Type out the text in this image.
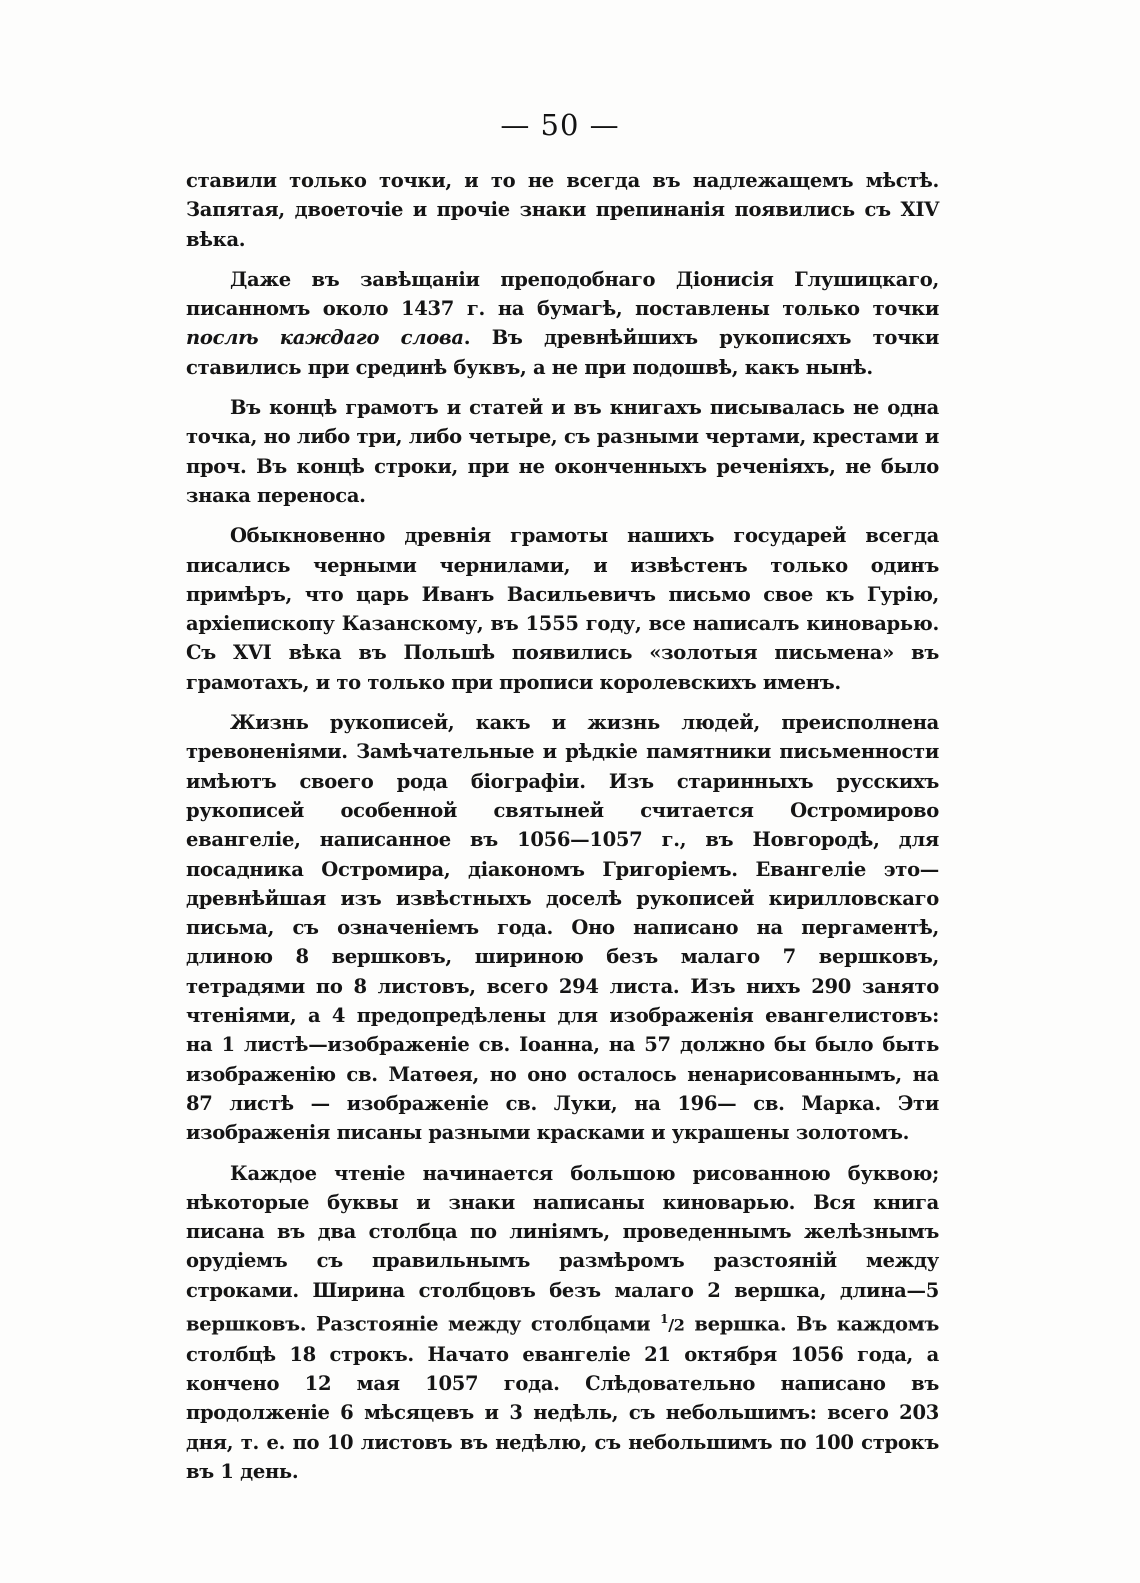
— 50 —

ставили только точки, и то не всегда въ надлежащемъ мѣстѣ. Запятая, двоеточіе и прочіе знаки препинанія появились съ XIV вѣка.

Даже въ завѣщаніи преподобнаго Діонисія Глушицкаго, писанномъ около 1437 г. на бумагѣ, поставлены только точки послѣ каждаго слова. Въ древнѣйшихъ рукописяхъ точки ставились при срединѣ буквъ, а не при подошвѣ, какъ нынѣ.

Въ концѣ грамотъ и статей и въ книгахъ писывалась не одна точка, но либо три, либо четыре, съ разными чертами, крестами и проч. Въ концѣ строки, при не оконченныхъ реченіяхъ, не было знака переноса.

Обыкновенно древнія грамоты нашихъ государей всегда писались черными чернилами, и извѣстенъ только одинъ примѣръ, что царь Иванъ Васильевичъ письмо свое къ Гурію, архіепископу Казанскому, въ 1555 году, все написалъ киноварью. Съ XVI вѣка въ Польшѣ появились «золотыя письмена» въ грамотахъ, и то только при прописи королевскихъ именъ.

Жизнь рукописей, какъ и жизнь людей, преисполнена тревоненіями. Замѣчательные и рѣдкіе памятники письменности имѣютъ своего рода біографіи. Изъ старинныхъ русскихъ рукописей особенной святыней считается Остромирово евангеліе, написанное въ 1056—1057 г., въ Новгородѣ, для посадника Остромира, діакономъ Григоріемъ. Евангеліе это—древнѣйшая изъ извѣстныхъ доселѣ рукописей кирилловскаго письма, съ означеніемъ года. Оно написано на пергаментѣ, длиною 8 вершковъ, шириною безъ малаго 7 вершковъ, тетрадями по 8 листовъ, всего 294 листа. Изъ нихъ 290 занято чтеніями, а 4 предопредѣлены для изображенія евангелистовъ: на 1 листѣ—изображеніе св. Іоанна, на 57 должно бы было быть изображенію св. Матѳея, но оно осталось ненарисованнымъ, на 87 листѣ — изображеніе св. Луки, на 196— св. Марка. Эти изображенія писаны разными красками и украшены золотомъ.

Каждое чтеніе начинается большою рисованною буквою; нѣкоторые буквы и знаки написаны киноварью. Вся книга писана въ два столбца по линіямъ, проведеннымъ желѣзнымъ орудіемъ съ правильнымъ размѣромъ разстояній между строками. Ширина столбцовъ безъ малаго 2 вершка, длина—5 вершковъ. Разстояніе между столбцами $^1$/2 вершка. Въ каждомъ столбцѣ 18 строкъ. Начато евангеліе 21 октября 1056 года, а кончено 12 мая 1057 года. Слѣдовательно написано въ продолженіе 6 мѣсяцевъ и 3 недѣль, съ небольшимъ: всего 203 дня, т. е. по 10 листовъ въ недѣлю, съ небольшимъ по 100 строкъ въ 1 день.
